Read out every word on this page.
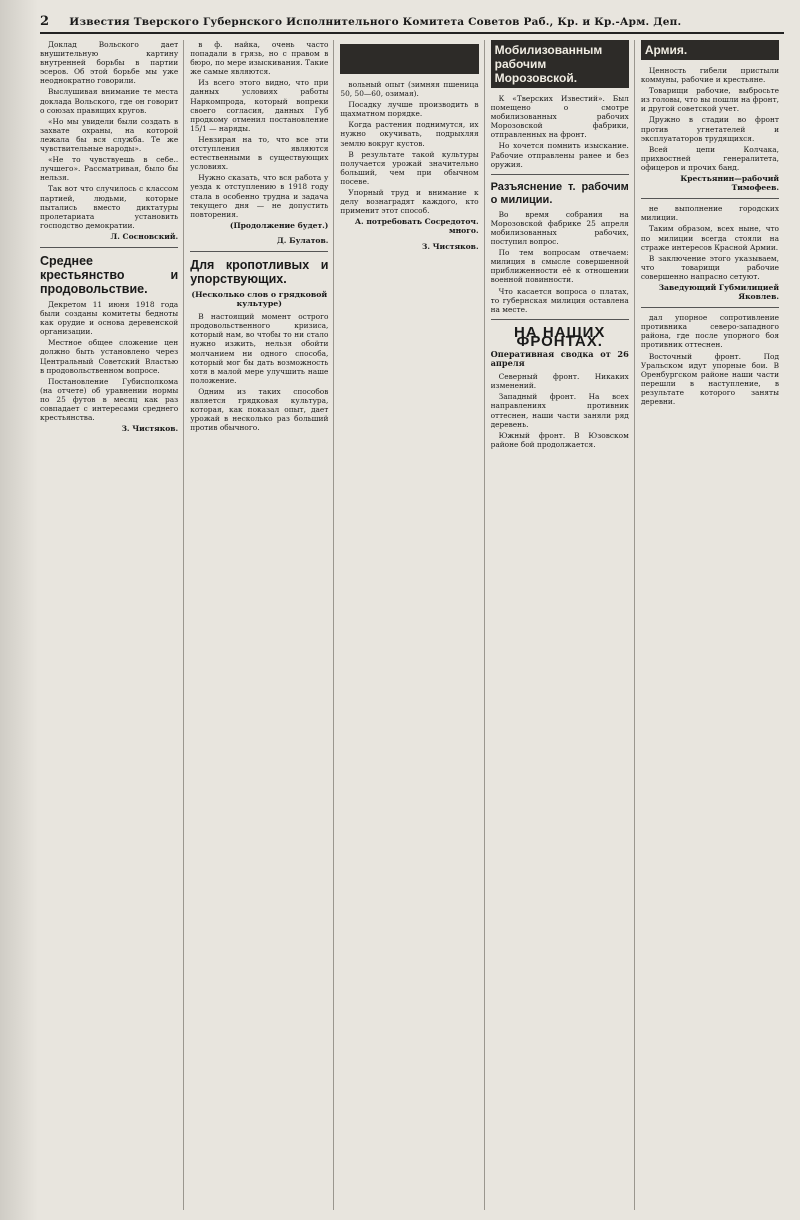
2 Известия Тверского Губернского Исполнительного Комитета Советов Раб., Кр. и Кр.-Арм. Деп.

Доклад Вольского дает внушительную картину внутренней борьбы в партии эсеров. Об этой борьбе мы уже неоднократно говорили.

Выслушивая внимание те места доклада Вольского, где он говорит о союзах правящих кругов.

«Но мы увидели были создать в захвате охраны, на которой лежала бы вся служба. Те же чувствительные народы».

«Не то чувствуешь в себе.. лучшего». Рассматривая, было бы нельзя.

Так вот что случилось с классом партией, людьми, которые пытались вместо диктатуры пролетариата установить господство демократии.

Л. Сосновский.
Среднее крестьянство и продовольствие.

Декретом 11 июня 1918 года были созданы комитеты бедноты как орудие и основа деревенской организации.

Местное общее сложение цен должно быть установлено через Центральный Советский Властью в продовольственном вопросе.

Постановление Губисполкома (на отчете) об уравнении нормы по 25 футов в месяц как раз совпадает с интересами среднего крестьянства.

З. Чистяков.

в ф. найка, очень часто попадали в грязь, но с правом в бюро, по мере изыскивания. Такие же самые являются.

Из всего этого видно, что при данных условиях работы Наркомпрода, который вопреки своего согласия, данных Губ продкому отменил постановление 15/1 — наряды.

Невзирая на то, что все эти отступления являются естественными в существующих условиях.

Нужно сказать, что вся работа у уезда к отступлению в 1918 году стала в особенно трудна и задача текущего дня — не допустить повторения.

(Продолжение будет.)
Д. Булатов.
Для кропотливых и упорствующих.
(Несколько слов о грядковой культуре)

В настоящий момент острого продовольственного кризиса, который нам, во чтобы то ни стало нужно изжить, нельзя обойти молчанием ни одного способа, который мог бы дать возможность хотя в малой мере улучшить наше положение.

Одним из таких способов является грядковая культура, которая, как показал опыт, дает урожай в несколько раз больший против обычного.

вольный опыт (зимняя пшеница 50, 50—60, озимая).

Посадку лучше производить в щахматном порядке.

Когда растения поднимутся, их нужно окучивать, подрыхляя землю вокруг кустов.

В результате такой культуры получается урожай значительно больший, чем при обычном посеве.

Упорный труд и внимание к делу вознаградят каждого, кто применит этот способ.

А. потребовать Сосредоточ. много.
З. Чистяков.
Мобилизованным рабочим Морозовской.

К «Тверских Известий». Был помещено о смотре мобилизованных рабочих Морозовской фабрики, отправленных на фронт.

Но хочется помнить изыскание. Рабочие отправлены ранее и без оружия.

Разъяснение т. рабочим о милиции.

Во время собрания на Морозовской фабрике 25 апреля мобилизованных рабочих, поступил вопрос.

По тем вопросам отвечаем: милиция в смысле совершенной приближенности её к отношении военной повинности.

Что касается вопроса о платах, то губернская милиция оставлена на месте.

НА НАШИХ ФРОНТАХ.
Оперативная сводка от 26 апреля

Северный фронт. Никаких изменений.

Западный фронт. На всех направлениях противник оттеснен, наши части заняли ряд деревень.

Южный фронт. В Юзовском районе бой продолжается.

Армия.

Ценность гибели пристыли коммуны, рабочие и крестьяне.

Товарищи рабочие, выбросьте из головы, что вы пошли на фронт, и другой советской учет.

Дружно в стадии во фронт против угнетателей и эксплуататоров трудящихся.

Всей цепи Колчака, прихвостней генералитета, офицеров и прочих банд.

Крестьянин—рабочий Тимофеев.

не выполнение городских милиции.

Таким образом, всех ныне, что по милиции всегда стояли на страже интересов Красной Армии.

В заключение этого указываем, что товарищи рабочие совершенно напрасно сетуют.

Заведующий Губмилицией Яковлев.

дал упорное сопротивление противника северо-западного района, где после упорного боя противник оттеснен.

Восточный фронт. Под Уральском идут упорные бои. В Оренбургском районе наши части перешли в наступление, в результате которого заняты деревни.
